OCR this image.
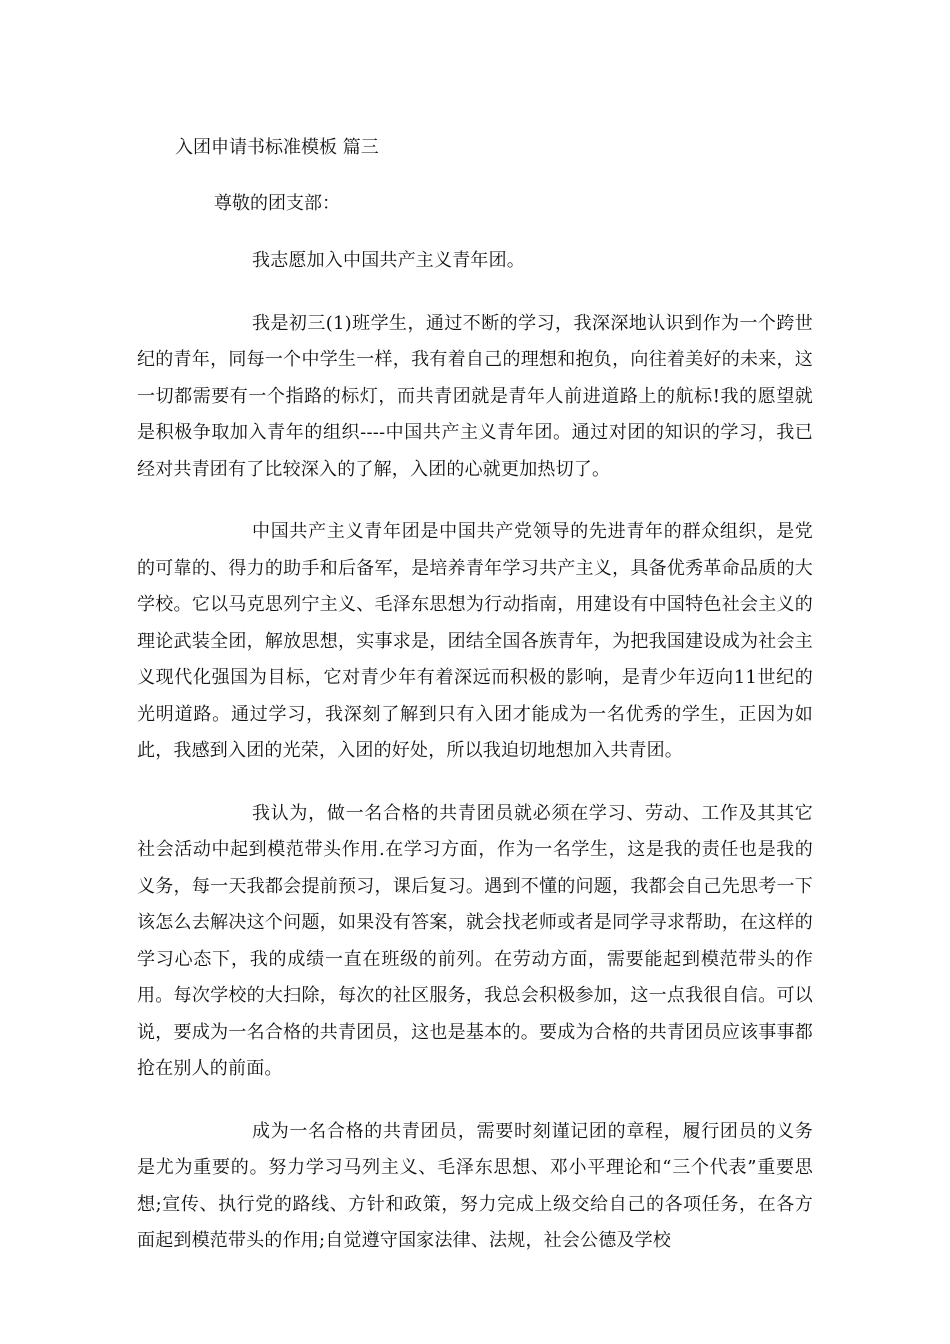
入团申请书标准模板 篇三

尊敬的团支部：

我志愿加入中国共产主义青年团。

我是初三(1)班学生，通过不断的学习，我深深地认识到作为一个跨世纪的青年，同每一个中学生一样，我有着自己的理想和抱负，向往着美好的未来，这一切都需要有一个指路的标灯，而共青团就是青年人前进道路上的航标!我的愿望就是积极争取加入青年的组织----中国共产主义青年团。通过对团的知识的学习，我已经对共青团有了比较深入的了解，入团的心就更加热切了。

中国共产主义青年团是中国共产党领导的先进青年的群众组织，是党的可靠的、得力的助手和后备军，是培养青年学习共产主义，具备优秀革命品质的大学校。它以马克思列宁主义、毛泽东思想为行动指南，用建设有中国特色社会主义的理论武装全团，解放思想，实事求是，团结全国各族青年，为把我国建设成为社会主义现代化强国为目标，它对青少年有着深远而积极的影响，是青少年迈向11世纪的光明道路。通过学习，我深刻了解到只有入团才能成为一名优秀的学生，正因为如此，我感到入团的光荣，入团的好处，所以我迫切地想加入共青团。

我认为，做一名合格的共青团员就必须在学习、劳动、工作及其其它社会活动中起到模范带头作用.在学习方面，作为一名学生，这是我的责任也是我的义务，每一天我都会提前预习，课后复习。遇到不懂的问题，我都会自己先思考一下该怎么去解决这个问题，如果没有答案，就会找老师或者是同学寻求帮助，在这样的学习心态下，我的成绩一直在班级的前列。在劳动方面，需要能起到模范带头的作用。每次学校的大扫除，每次的社区服务，我总会积极参加，这一点我很自信。可以说，要成为一名合格的共青团员，这也是基本的。要成为合格的共青团员应该事事都抢在别人的前面。

成为一名合格的共青团员，需要时刻谨记团的章程，履行团员的义务是尤为重要的。努力学习马列主义、毛泽东思想、邓小平理论和“三个代表”重要思想;宣传、执行党的路线、方针和政策，努力完成上级交给自己的各项任务，在各方面起到模范带头的作用;自觉遵守国家法律、法规，社会公德及学校
